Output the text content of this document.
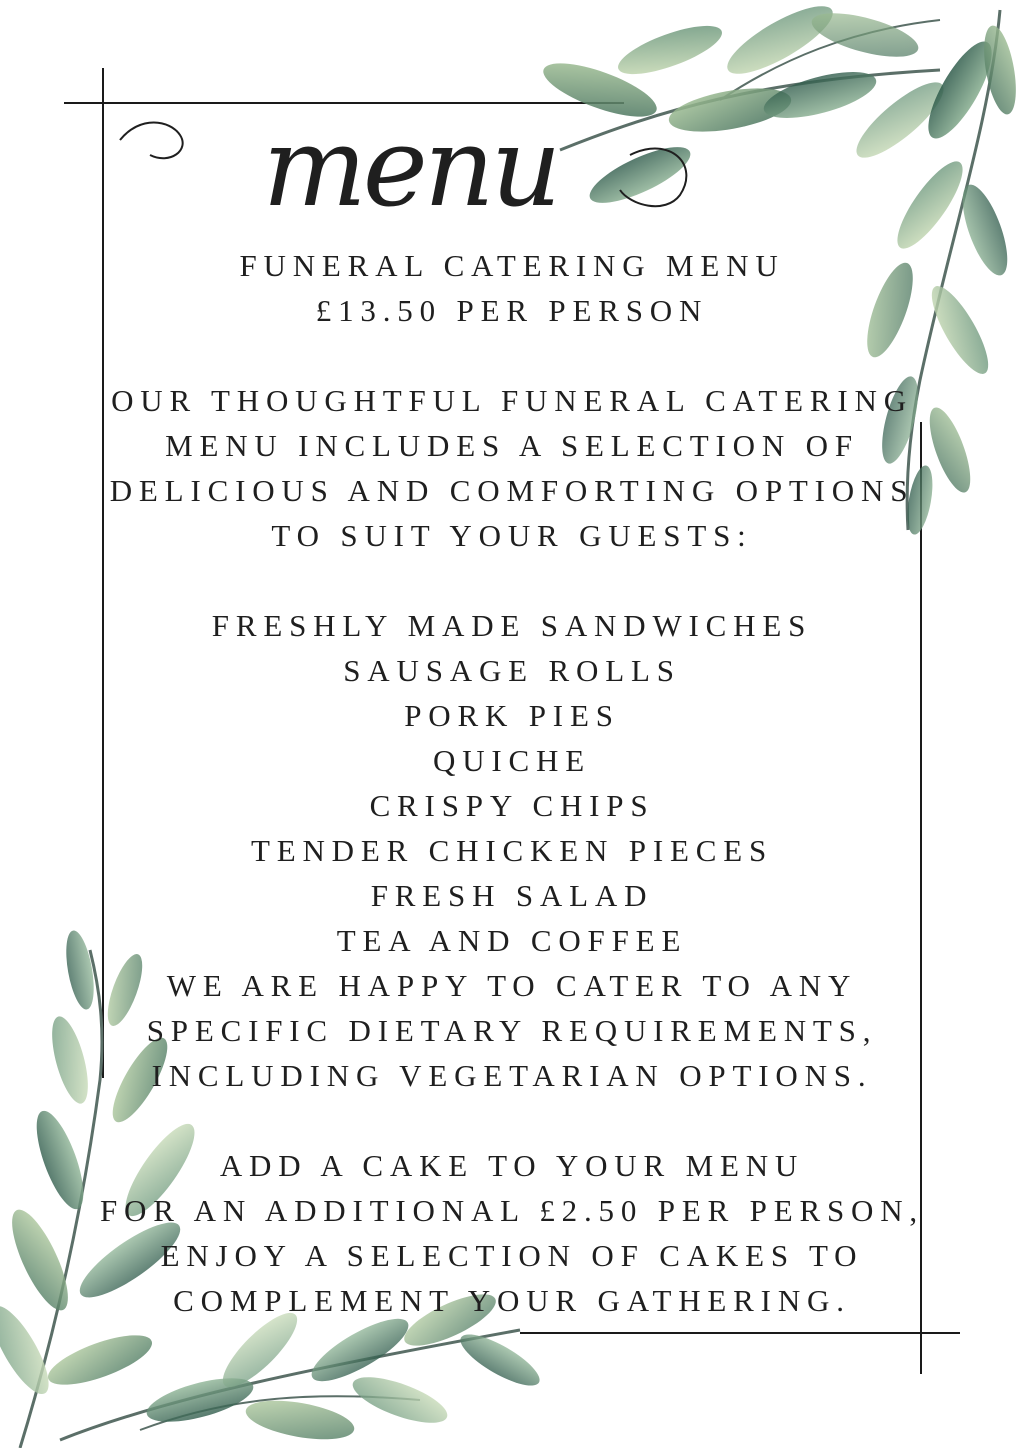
menu
FUNERAL CATERING MENU
£13.50 PER PERSON
OUR THOUGHTFUL FUNERAL CATERING
MENU INCLUDES A SELECTION OF
DELICIOUS AND COMFORTING OPTIONS
TO SUIT YOUR GUESTS:
FRESHLY MADE SANDWICHES
SAUSAGE ROLLS
PORK PIES
QUICHE
CRISPY CHIPS
TENDER CHICKEN PIECES
FRESH SALAD
TEA AND COFFEE
WE ARE HAPPY TO CATER TO ANY
SPECIFIC DIETARY REQUIREMENTS,
INCLUDING VEGETARIAN OPTIONS.
ADD A CAKE TO YOUR MENU
FOR AN ADDITIONAL £2.50 PER PERSON,
ENJOY A SELECTION OF CAKES TO
COMPLEMENT YOUR GATHERING.
